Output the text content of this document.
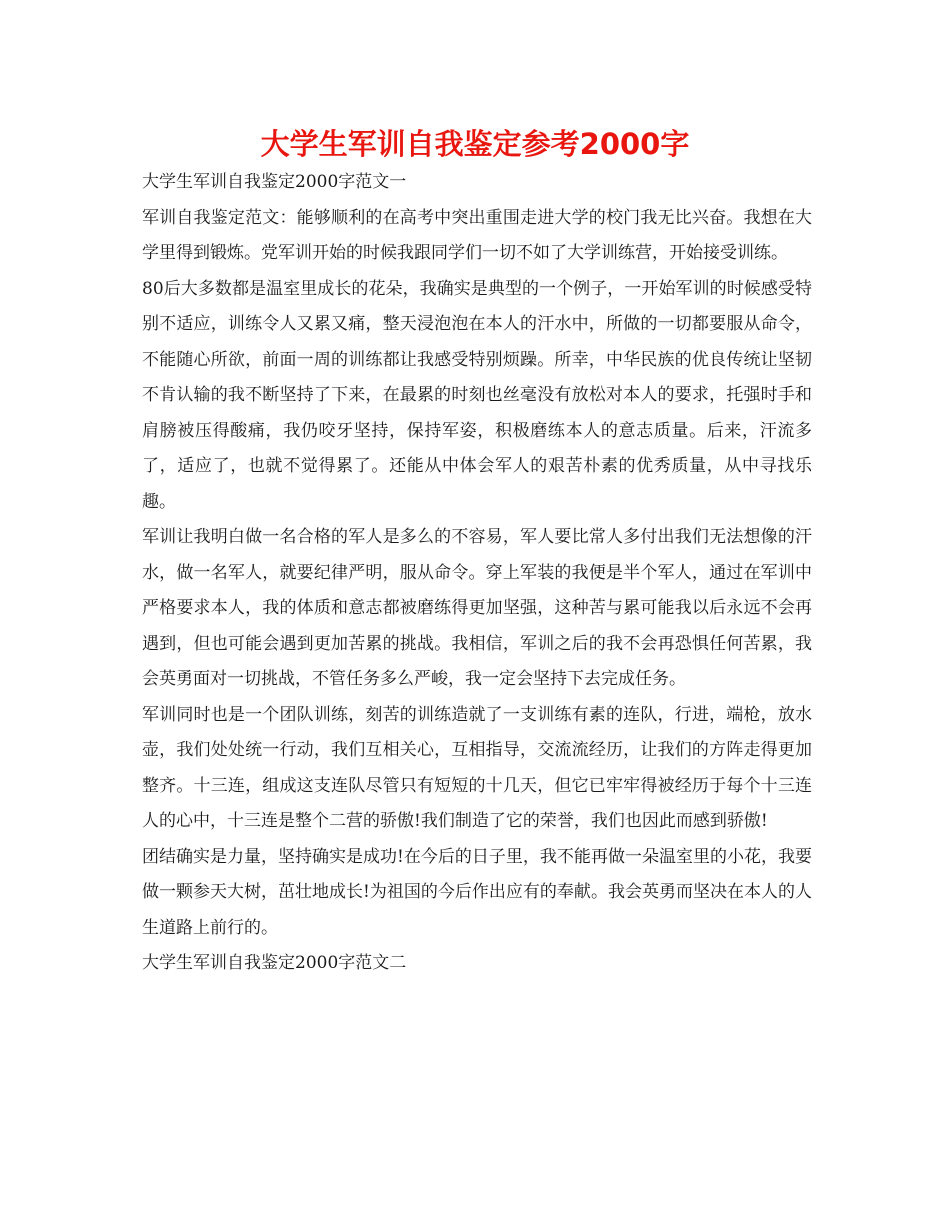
大学生军训自我鉴定参考2000字

大学生军训自我鉴定2000字范文一

军训自我鉴定范文：能够顺利的在高考中突出重围走进大学的校门我无比兴奋。我想在大学里得到锻炼。党军训开始的时候我跟同学们一切不如了大学训练营，开始接受训练。

80后大多数都是温室里成长的花朵，我确实是典型的一个例子，一开始军训的时候感受特别不适应，训练令人又累又痛，整天浸泡泡在本人的汗水中，所做的一切都要服从命令，不能随心所欲，前面一周的训练都让我感受特别烦躁。所幸，中华民族的优良传统让坚韧不肯认输的我不断坚持了下来，在最累的时刻也丝毫没有放松对本人的要求，托强时手和肩膀被压得酸痛，我仍咬牙坚持，保持军姿，积极磨练本人的意志质量。后来，汗流多了，适应了，也就不觉得累了。还能从中体会军人的艰苦朴素的优秀质量，从中寻找乐趣。

军训让我明白做一名合格的军人是多么的不容易，军人要比常人多付出我们无法想像的汗水，做一名军人，就要纪律严明，服从命令。穿上军装的我便是半个军人，通过在军训中严格要求本人，我的体质和意志都被磨练得更加坚强，这种苦与累可能我以后永远不会再遇到，但也可能会遇到更加苦累的挑战。我相信，军训之后的我不会再恐惧任何苦累，我会英勇面对一切挑战，不管任务多么严峻，我一定会坚持下去完成任务。

军训同时也是一个团队训练，刻苦的训练造就了一支训练有素的连队，行进，端枪，放水壶，我们处处统一行动，我们互相关心，互相指导，交流流经历，让我们的方阵走得更加整齐。十三连，组成这支连队尽管只有短短的十几天，但它已牢牢得被经历于每个十三连人的心中，十三连是整个二营的骄傲!我们制造了它的荣誉，我们也因此而感到骄傲!

团结确实是力量，坚持确实是成功!在今后的日子里，我不能再做一朵温室里的小花，我要做一颗参天大树，茁壮地成长!为祖国的今后作出应有的奉献。我会英勇而坚决在本人的人生道路上前行的。

大学生军训自我鉴定2000字范文二
